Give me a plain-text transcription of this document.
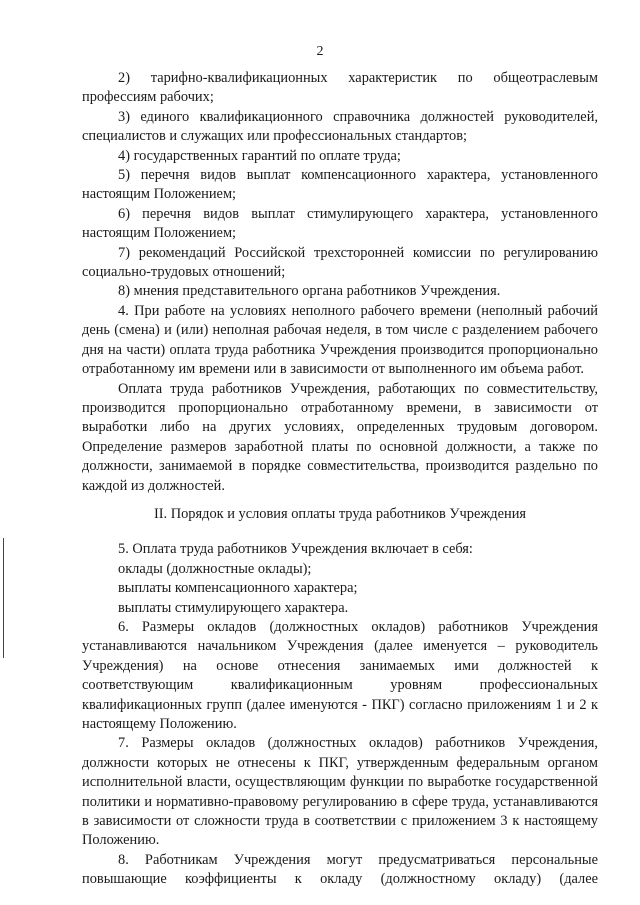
2

2) тарифно-квалификационных характеристик по общеотраслевым профессиям рабочих;

3) единого квалификационного справочника должностей руководителей, специалистов и служащих или профессиональных стандартов;

4) государственных гарантий по оплате труда;

5) перечня видов выплат компенсационного характера, установленного настоящим Положением;

6) перечня видов выплат стимулирующего характера, установленного настоящим Положением;

7) рекомендаций Российской трехсторонней комиссии по регулированию социально-трудовых отношений;

8) мнения представительного органа работников Учреждения.

4. При работе на условиях неполного рабочего времени (неполный рабочий день (смена) и (или) неполная рабочая неделя, в том числе с разделением рабочего дня на части) оплата труда работника Учреждения производится пропорционально отработанному им времени или в зависимости от выполненного им объема работ.

Оплата труда работников Учреждения, работающих по совместительству, производится пропорционально отработанному времени, в зависимости от выработки либо на других условиях, определенных трудовым договором. Определение размеров заработной платы по основной должности, а также по должности, занимаемой в порядке совместительства, производится раздельно по каждой из должностей.

II. Порядок и условия оплаты труда работников Учреждения

5. Оплата труда работников Учреждения включает в себя:

оклады (должностные оклады);

выплаты компенсационного характера;

выплаты стимулирующего характера.

6. Размеры окладов (должностных окладов) работников Учреждения устанавливаются начальником Учреждения (далее именуется – руководитель Учреждения) на основе отнесения занимаемых ими должностей к соответствующим квалификационным уровням профессиональных квалификационных групп (далее именуются - ПКГ) согласно приложениям 1 и 2 к настоящему Положению.

7. Размеры окладов (должностных окладов) работников Учреждения, должности которых не отнесены к ПКГ, утвержденным федеральным органом исполнительной власти, осуществляющим функции по выработке государственной политики и нормативно-правовому регулированию в сфере труда, устанавливаются в зависимости от сложности труда в соответствии с приложением 3 к настоящему Положению.

8. Работникам Учреждения могут предусматриваться персональные повышающие коэффициенты к окладу (должностному окладу) (далее
